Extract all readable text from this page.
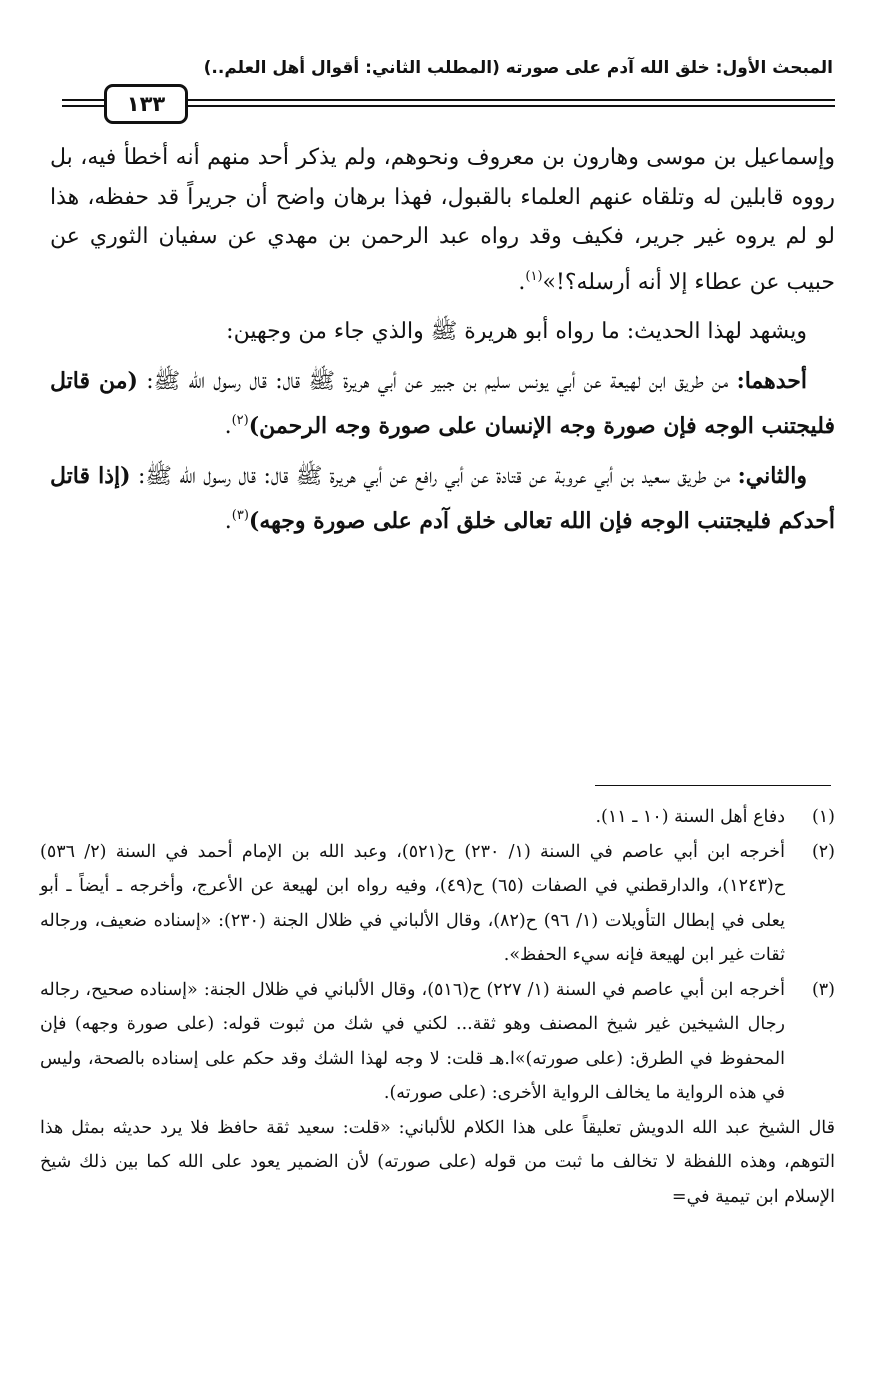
المبحث الأول: خلق الله آدم على صورته (المطلب الثاني: أقوال أهل العلم..)
١٣٣

وإسماعيل بن موسى وهارون بن معروف ونحوهم، ولم يذكر أحد منهم أنه أخطأ فيه، بل رووه قابلين له وتلقاه عنهم العلماء بالقبول، فهذا برهان واضح أن جريراً قد حفظه، هذا لو لم يروه غير جرير، فكيف وقد رواه عبد الرحمن بن مهدي عن سفيان الثوري عن حبيب عن عطاء إلا أنه أرسله؟!»$^{(١)}$.

ويشهد لهذا الحديث: ما رواه أبو هريرة ﷺ والذي جاء من وجهين:

أحدهما: من طريق ابن لهيعة عن أبي يونس سليم بن جبير عن أبي هريرة ﷺ قال: قال رسول الله ﷺ: (من قاتل فليجتنب الوجه فإن صورة وجه الإنسان على صورة وجه الرحمن)$^{(٢)}$.

والثاني: من طريق سعيد بن أبي عروبة عن قتادة عن أبي رافع عن أبي هريرة ﷺ قال: قال رسول الله ﷺ: (إذا قاتل أحدكم فليجتنب الوجه فإن الله تعالى خلق آدم على صورة وجهه)$^{(٣)}$.

(١)
دفاع أهل السنة (١٠ ـ ١١).
(٢)
أخرجه ابن أبي عاصم في السنة (١/ ٢٣٠) ح(٥٢١)، وعبد الله بن الإمام أحمد في السنة (٢/ ٥٣٦) ح(١٢٤٣)، والدارقطني في الصفات (٦٥) ح(٤٩)، وفيه رواه ابن لهيعة عن الأعرج، وأخرجه ـ أيضاً ـ أبو يعلى في إبطال التأويلات (١/ ٩٦) ح(٨٢)، وقال الألباني في ظلال الجنة (٢٣٠): «إسناده ضعيف، ورجاله ثقات غير ابن لهيعة فإنه سيء الحفظ».
(٣)
أخرجه ابن أبي عاصم في السنة (١/ ٢٢٧) ح(٥١٦)، وقال الألباني في ظلال الجنة: «إسناده صحيح، رجاله رجال الشيخين غير شيخ المصنف وهو ثقة... لكني في شك من ثبوت قوله: (على صورة وجهه) فإن المحفوظ في الطرق: (على صورته)»ا.هـ قلت: لا وجه لهذا الشك وقد حكم على إسناده بالصحة، وليس في هذه الرواية ما يخالف الرواية الأخرى: (على صورته).

قال الشيخ عبد الله الدويش تعليقاً على هذا الكلام للألباني: «قلت: سعيد ثقة حافظ فلا يرد حديثه بمثل هذا التوهم، وهذه اللفظة لا تخالف ما ثبت من قوله (على صورته) لأن الضمير يعود على الله كما بين ذلك شيخ الإسلام ابن تيمية في=
